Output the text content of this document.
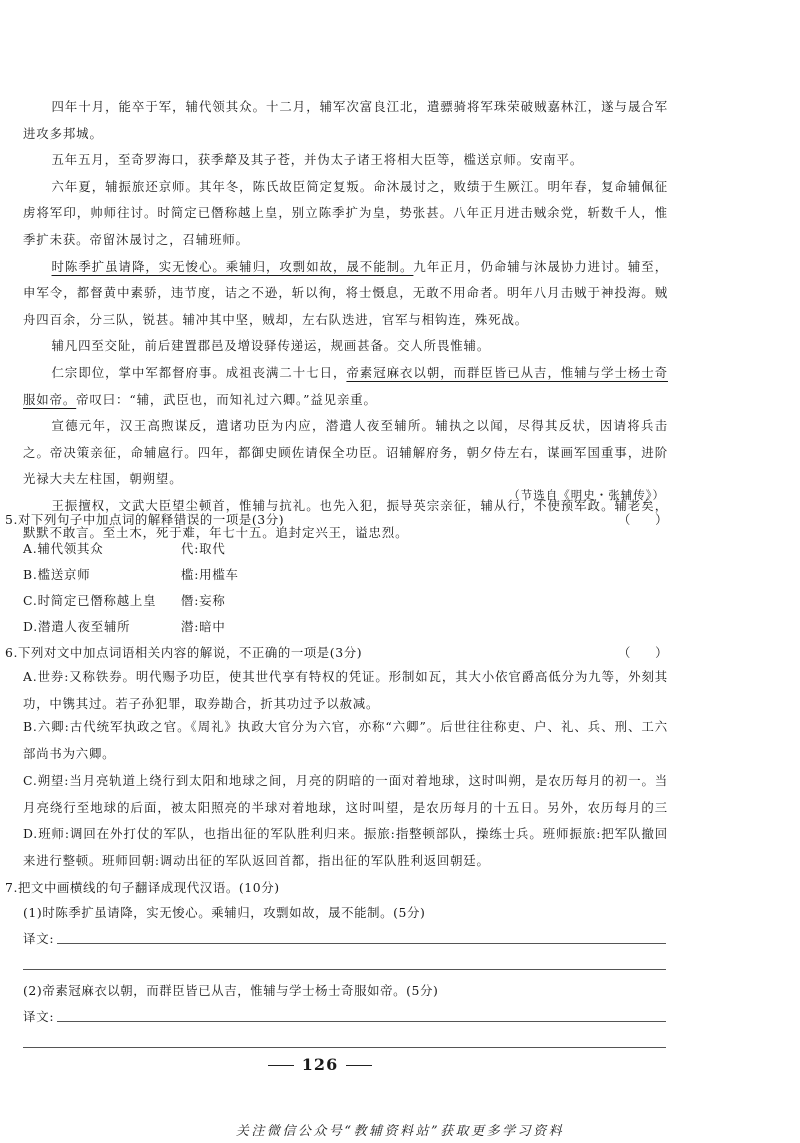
四年十月，能卒于军，辅代领其众。十二月，辅军次富良江北，遣骠骑将军珠荣破贼嘉林江，遂与晟合军进攻多邦城。

五年五月，至奇罗海口，获季犛及其子苍，并伪太子诸王将相大臣等，槛送京师。安南平。

六年夏，辅振旅还京师。其年冬，陈氏故臣简定复叛。命沐晟讨之，败绩于生厥江。明年春，复命辅佩征虏将军印，帅师往讨。时简定已僭称越上皇，别立陈季扩为皇，势张甚。八年正月进击贼余党，斩数千人，惟季扩未获。帝留沐晟讨之，召辅班师。

时陈季扩虽请降，实无悛心。乘辅归，攻剽如故，晟不能制。九年正月，仍命辅与沐晟协力进讨。辅至，申军令，都督黄中素骄，违节度，诘之不逊，斩以徇，将士慑息，无敢不用命者。明年八月击贼于神投海。贼舟四百余，分三队，锐甚。辅冲其中坚，贼却，左右队迭进，官军与相钩连，殊死战。

辅凡四至交阯，前后建置郡邑及增设驿传递运，规画甚备。交人所畏惟辅。

仁宗即位，掌中军都督府事。成祖丧满二十七日，帝素冠麻衣以朝，而群臣皆已从吉，惟辅与学士杨士奇服如帝。帝叹曰：“辅，武臣也，而知礼过六卿。”益见亲重。

宣德元年，汉王高煦谋反，遣诸功臣为内应，潜遣人夜至辅所。辅执之以闻，尽得其反状，因请将兵击之。帝决策亲征，命辅扈行。四年，都御史顾佐请保全功臣。诏辅解府务，朝夕侍左右，谋画军国重事，进阶光禄大夫左柱国，朝朔望。

王振擅权，文武大臣望尘顿首，惟辅与抗礼。也先入犯，振导英宗亲征，辅从行，不使预军政。辅老矣，默默不敢言。至土木，死于难，年七十五。追封定兴王，谥忠烈。

（节选自《明史・张辅传》）
5.对下列句子中加点词的解释错误的一项是(3分)	（　　）
A.辅代领其众	代:取代
B.槛送京师	槛:用槛车
C.时简定已僭称越上皇 僭:妄称
D.潜遣人夜至辅所	潜:暗中
6.下列对文中加点词语相关内容的解说，不正确的一项是(3分)	（　　）
A.世券:又称铁券。明代赐予功臣，使其世代享有特权的凭证。形制如瓦，其大小依官爵高低分为九等，外刻其功，中镌其过。若子孙犯罪，取券勘合，折其功过予以赦减。
B.六卿:古代统军执政之官。《周礼》执政大官分为六官，亦称“六卿”。后世往往称吏、户、礼、兵、刑、工六部尚书为六卿。
C.朔望:当月亮轨道上绕行到太阳和地球之间，月亮的阴暗的一面对着地球，这时叫朔，是农历每月的初一。当月亮绕行至地球的后面，被太阳照亮的半球对着地球，这时叫望，是农历每月的十五日。另外，农历每月的三
D.班师:调回在外打仗的军队，也指出征的军队胜利归来。振旅:指整顿部队，操练士兵。班师振旅:把军队撤回来进行整顿。班师回朝:调动出征的军队返回首都，指出征的军队胜利返回朝廷。
7.把文中画横线的句子翻译成现代汉语。(10分)
(1)时陈季扩虽请降，实无悛心。乘辅归，攻剽如故，晟不能制。(5分)
译文:
(2)帝素冠麻衣以朝，而群臣皆已从吉，惟辅与学士杨士奇服如帝。(5分)
译文:
126
关注微信公众号“教辅资料站”获取更多学习资料
